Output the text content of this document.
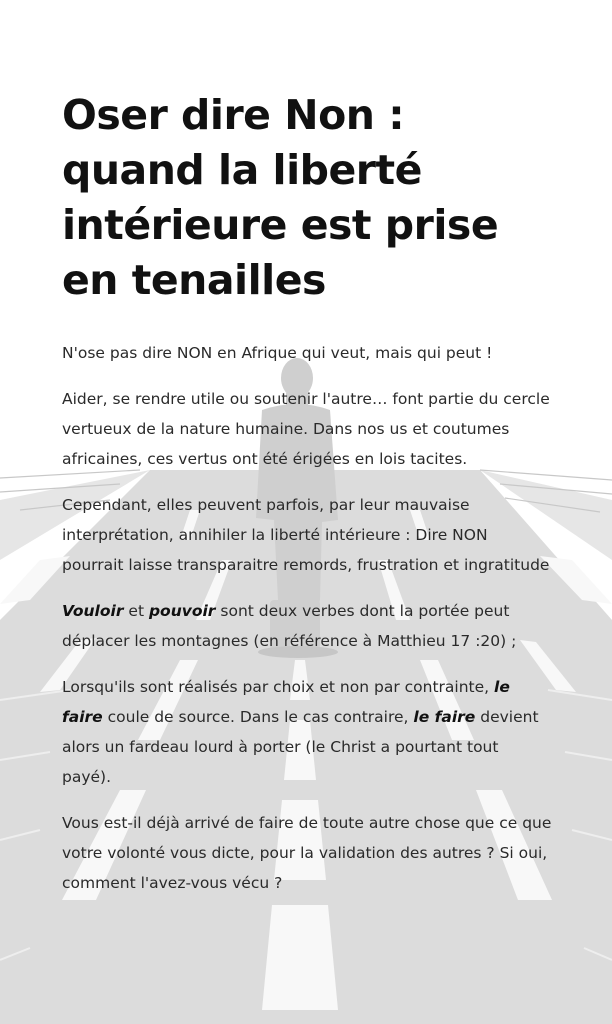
Oser dire Non :
quand la liberté
intérieure est prise
en tenailles

N'ose pas dire NON en Afrique qui veut, mais qui peut !

Aider, se rendre utile ou soutenir l'autre… font partie du cercle vertueux de la nature humaine. Dans nos us et coutumes africaines, ces vertus ont été érigées en lois tacites.

Cependant, elles peuvent parfois, par leur mauvaise interprétation, annihiler la liberté intérieure : Dire NON pourrait laisse transparaitre remords, frustration et ingratitude

Vouloir et pouvoir sont deux verbes dont la portée peut déplacer les montagnes (en référence à Matthieu 17 :20) ;

Lorsqu'ils sont réalisés par choix et non par contrainte, le faire coule de source. Dans le cas contraire, le faire devient alors un fardeau lourd à porter (le Christ a pourtant tout payé).

Vous est-il déjà arrivé de faire de toute autre chose que ce que votre volonté vous dicte, pour la validation des autres ? Si oui, comment l'avez-vous vécu ?
